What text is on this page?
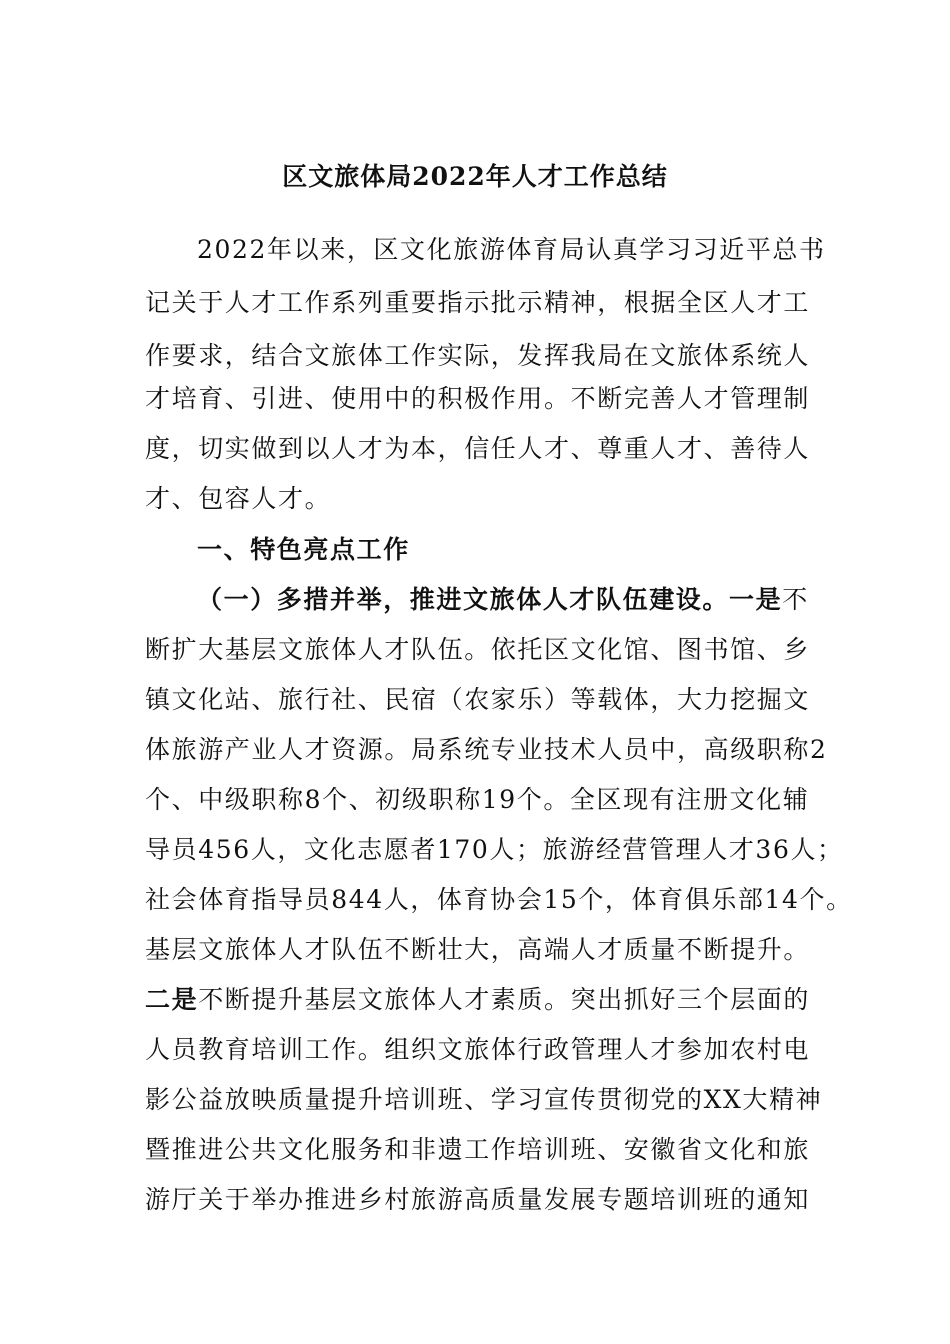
区文旅体局2022年人才工作总结
2022年以来，区文化旅游体育局认真学习习近平总书
记关于人才工作系列重要指示批示精神，根据全区人才工
作要求，结合文旅体工作实际，发挥我局在文旅体系统人
才培育、引进、使用中的积极作用。不断完善人才管理制
度，切实做到以人才为本，信任人才、尊重人才、善待人
才、包容人才。
一、特色亮点工作
（一）多措并举，推进文旅体人才队伍建设。一是不
断扩大基层文旅体人才队伍。依托区文化馆、图书馆、乡
镇文化站、旅行社、民宿（农家乐）等载体，大力挖掘文
体旅游产业人才资源。局系统专业技术人员中，高级职称2
个、中级职称8个、初级职称19个。全区现有注册文化辅
导员456人，文化志愿者170人；旅游经营管理人才36人；
社会体育指导员844人，体育协会15个，体育俱乐部14个。
基层文旅体人才队伍不断壮大，高端人才质量不断提升。
二是不断提升基层文旅体人才素质。突出抓好三个层面的
人员教育培训工作。组织文旅体行政管理人才参加农村电
影公益放映质量提升培训班、学习宣传贯彻党的XX大精神
暨推进公共文化服务和非遗工作培训班、安徽省文化和旅
游厅关于举办推进乡村旅游高质量发展专题培训班的通知
